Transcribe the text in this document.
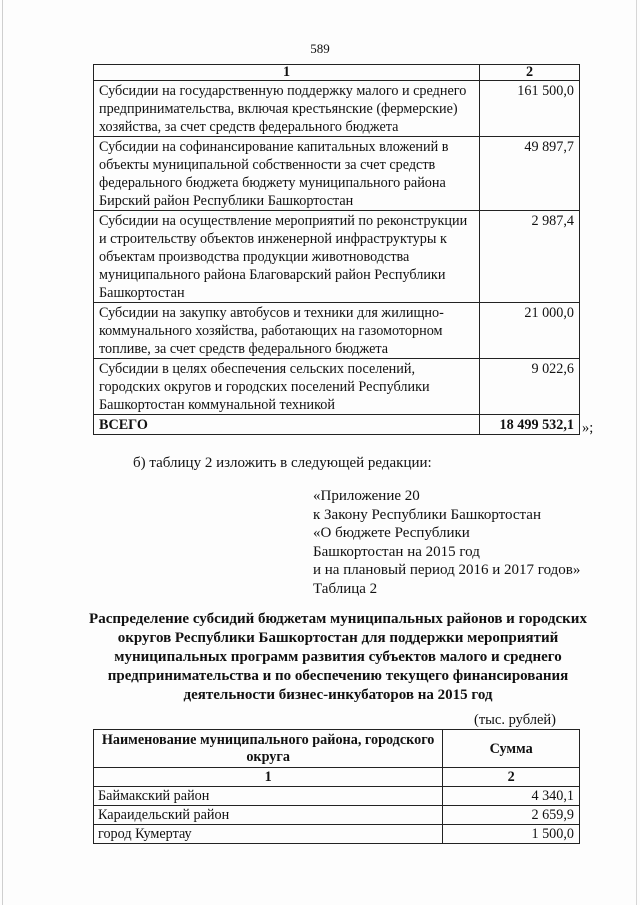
589
1	2
Субсидии на государственную поддержку малого и среднего предпринимательства, включая крестьянские (фермерские) хозяйства, за счет средств федерального бюджета	161 500,0
Субсидии на софинансирование капитальных вложений в объекты муниципальной собственности за счет средств федерального бюджета бюджету муниципального района Бирский район Республики Башкортостан	49 897,7
Субсидии на осуществление мероприятий по реконструкции и строительству объектов инженерной инфраструктуры к объектам производства продукции животноводства муниципального района Благоварский район Республики Башкортостан	2 987,4
Субсидии на закупку автобусов и техники для жилищно-коммунального хозяйства, работающих на газомоторном топливе, за счет средств федерального бюджета	21 000,0
Субсидии в целях обеспечения сельских поселений, городских округов и городских поселений Республики Башкортостан коммунальной техникой	9 022,6
ВСЕГО	18 499 532,1 »;
б) таблицу 2 изложить в следующей редакции:
«Приложение 20
к Закону Республики Башкортостан
«О бюджете Республики
Башкортостан на 2015 год
и на плановый период 2016 и 2017 годов»
Таблица 2
Распределение субсидий бюджетам муниципальных районов и городских округов Республики Башкортостан для поддержки мероприятий муниципальных программ развития субъектов малого и среднего предпринимательства и по обеспечению текущего финансирования деятельности бизнес-инкубаторов на 2015 год
(тыс. рублей)
Наименование муниципального района, городского округа	Сумма
1	2
Баймакский район	4 340,1
Караидельский район	2 659,9
город Кумертау	1 500,0
